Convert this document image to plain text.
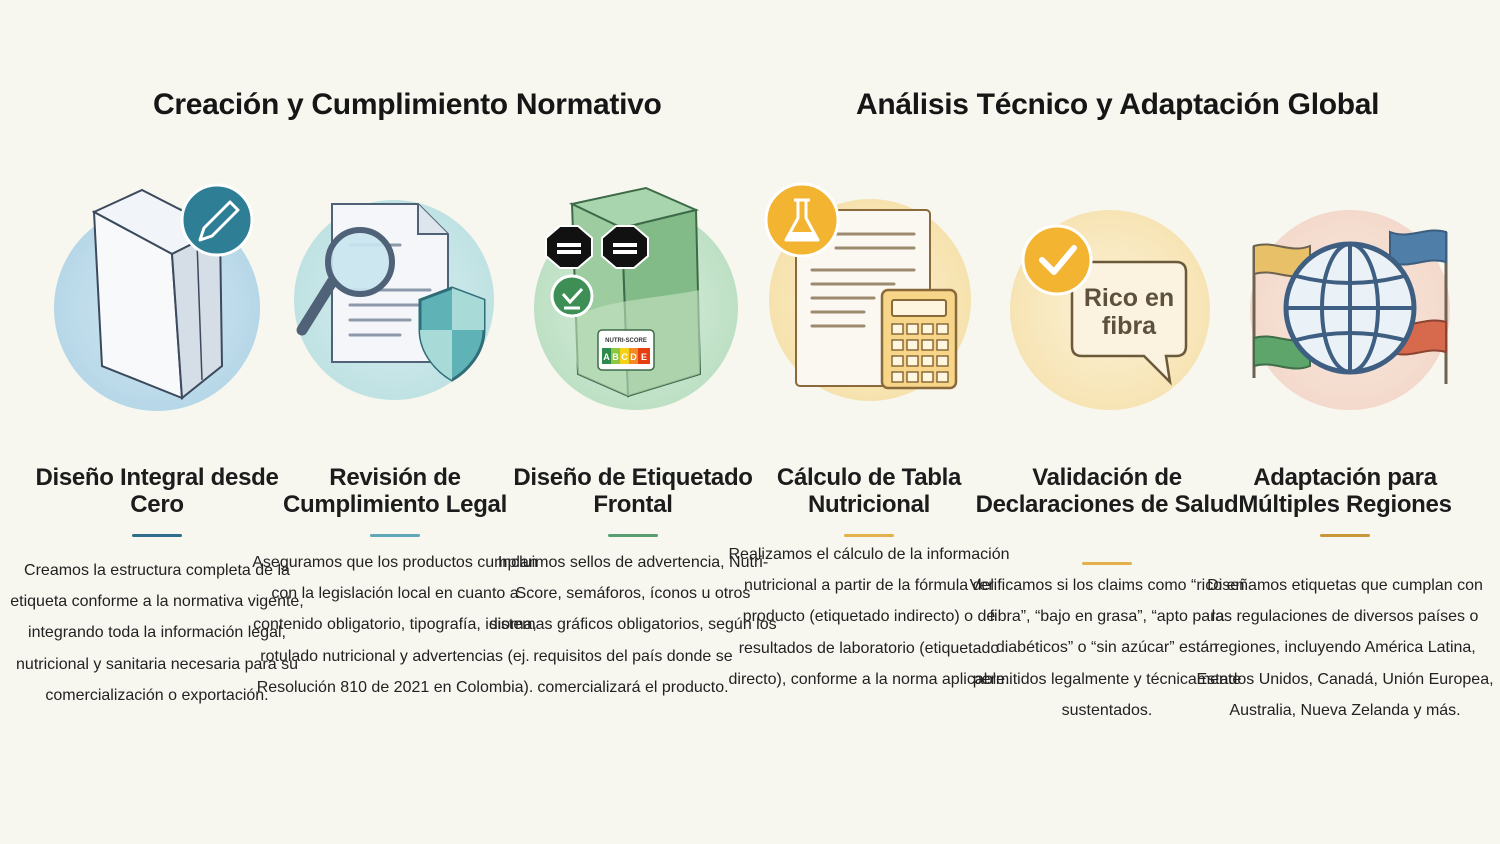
Creación y Cumplimiento Normativo	Análisis Técnico y Adaptación Global
Diseño Integral desde Cero

Creamos la estructura completa de la etiqueta conforme a la normativa vigente, integrando toda la información legal, nutricional y sanitaria necesaria para su comercialización o exportación.

Revisión de Cumplimiento Legal

Aseguramos que los productos cumplan con la legislación local en cuanto a contenido obligatorio, tipografía, idioma, rotulado nutricional y advertencias (ej. Resolución 810 de 2021 en Colombia).

NUTRI-SCORE
A B C D E
Diseño de Etiquetado Frontal

Incluimos sellos de advertencia, Nutri-Score, semáforos, íconos u otros sistemas gráficos obligatorios, según los requisitos del país donde se comercializará el producto.

Cálculo de Tabla Nutricional

Realizamos el cálculo de la información nutricional a partir de la fórmula del producto (etiquetado indirecto) o de resultados de laboratorio (etiquetado directo), conforme a la norma aplicable.

Rico en fibra
Validación de Declaraciones de Salud

Verificamos si los claims como “rico en fibra”, “bajo en grasa”, “apto para diabéticos” o “sin azúcar” están permitidos legalmente y técnicamente sustentados.

Adaptación para Múltiples Regiones

Diseñamos etiquetas que cumplan con las regulaciones de diversos países o regiones, incluyendo América Latina, Estados Unidos, Canadá, Unión Europea, Australia, Nueva Zelanda y más.
